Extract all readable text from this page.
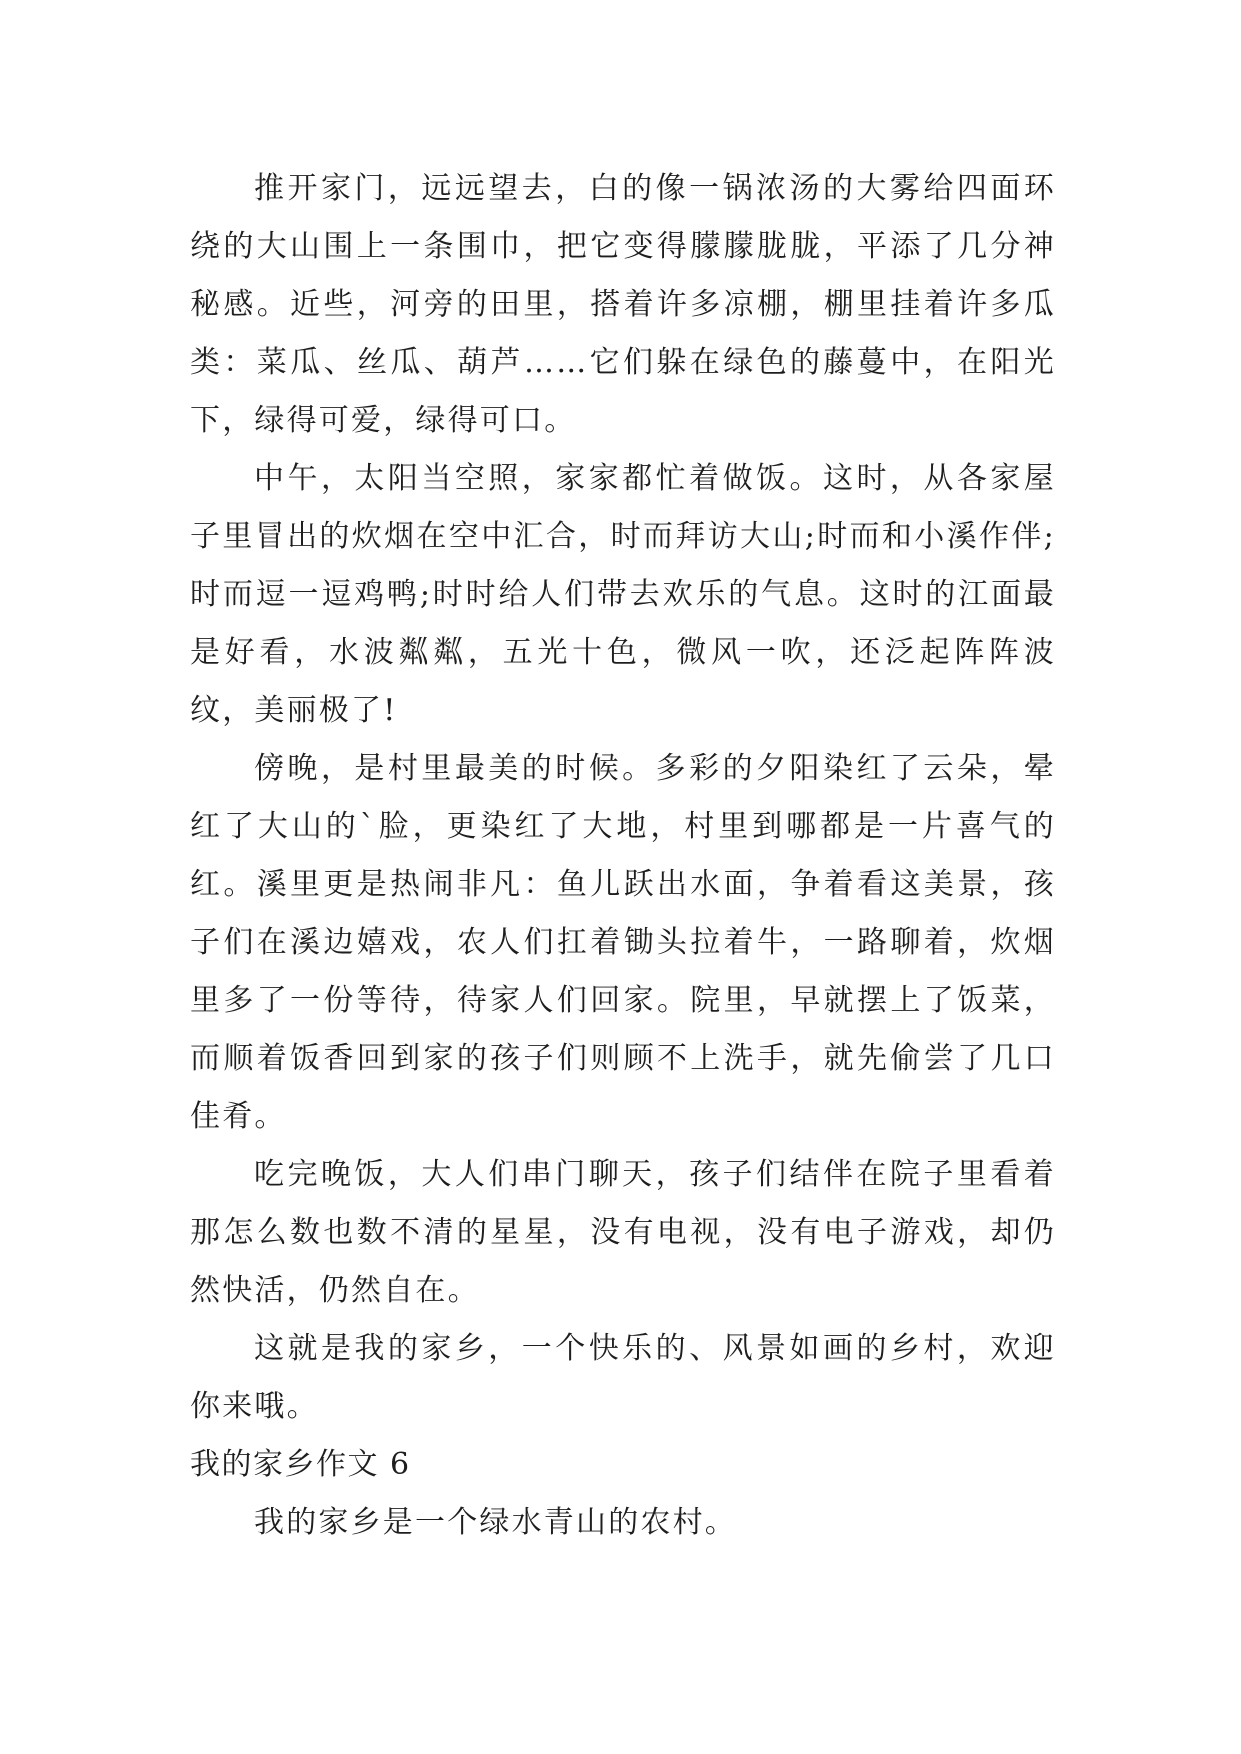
推开家门，远远望去，白的像一锅浓汤的大雾给四面环绕的大山围上一条围巾，把它变得朦朦胧胧，平添了几分神秘感。近些，河旁的田里，搭着许多凉棚，棚里挂着许多瓜类：菜瓜、丝瓜、葫芦……它们躲在绿色的藤蔓中，在阳光下，绿得可爱，绿得可口。

中午，太阳当空照，家家都忙着做饭。这时，从各家屋子里冒出的炊烟在空中汇合，时而拜访大山;时而和小溪作伴;时而逗一逗鸡鸭;时时给人们带去欢乐的气息。这时的江面最是好看，水波粼粼，五光十色，微风一吹，还泛起阵阵波纹，美丽极了!

傍晚，是村里最美的时候。多彩的夕阳染红了云朵，晕红了大山的`脸，更染红了大地，村里到哪都是一片喜气的红。溪里更是热闹非凡：鱼儿跃出水面，争着看这美景，孩子们在溪边嬉戏，农人们扛着锄头拉着牛，一路聊着，炊烟里多了一份等待，待家人们回家。院里，早就摆上了饭菜，而顺着饭香回到家的孩子们则顾不上洗手，就先偷尝了几口佳肴。

吃完晚饭，大人们串门聊天，孩子们结伴在院子里看着那怎么数也数不清的星星，没有电视，没有电子游戏，却仍然快活，仍然自在。

这就是我的家乡，一个快乐的、风景如画的乡村，欢迎你来哦。

我的家乡作文 6

我的家乡是一个绿水青山的农村。
